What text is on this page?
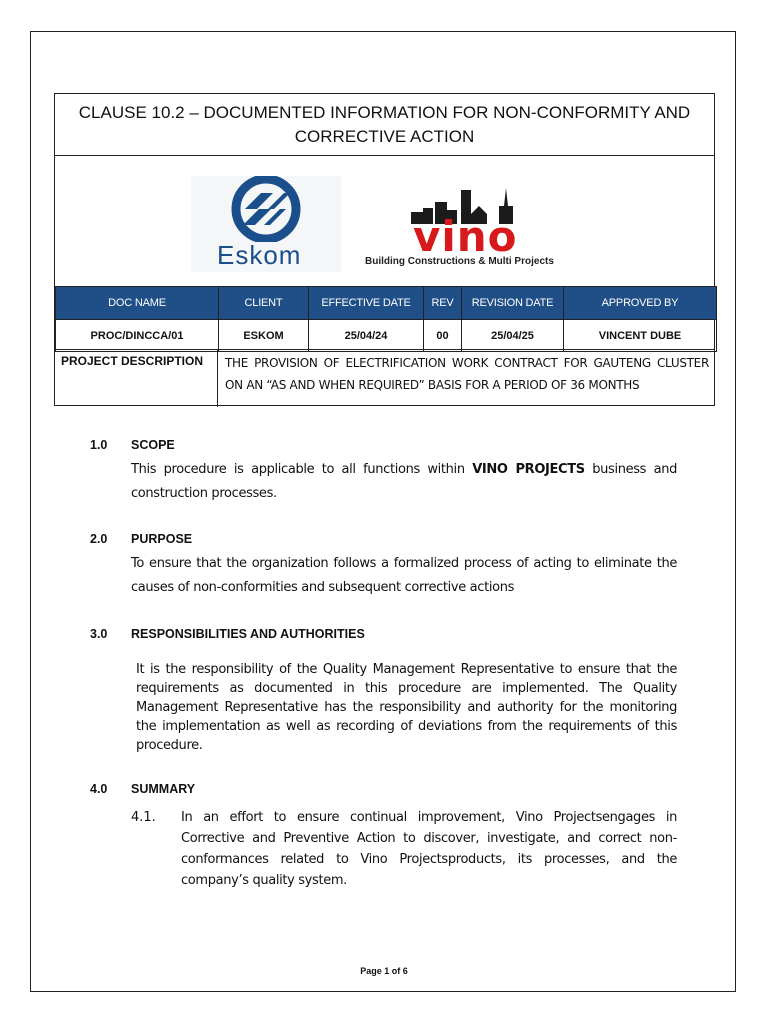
CLAUSE 10.2 – DOCUMENTED INFORMATION FOR NON-CONFORMITY AND CORRECTIVE ACTION
Eskom	vino
Building Constructions & Multi Projects
DOC NAME	CLIENT	EFFECTIVE DATE	REV	REVISION DATE	APPROVED BY
PROC/DINCCA/01	ESKOM	25/04/24	00	25/04/25	VINCENT DUBE
PROJECT DESCRIPTION	THE PROVISION OF ELECTRIFICATION WORK CONTRACT FOR GAUTENG CLUSTER ON AN “AS AND WHEN REQUIRED” BASIS FOR A PERIOD OF 36 MONTHS
1.0 SCOPE
This procedure is applicable to all functions within VINO PROJECTS business and construction processes.
2.0 PURPOSE
To ensure that the organization follows a formalized process of acting to eliminate the causes of non-conformities and subsequent corrective actions
3.0 RESPONSIBILITIES AND AUTHORITIES
It is the responsibility of the Quality Management Representative to ensure that the requirements as documented in this procedure are implemented. The Quality Management Representative has the responsibility and authority for the monitoring the implementation as well as recording of deviations from the requirements of this procedure.
4.0 SUMMARY
4.1. In an effort to ensure continual improvement, Vino Projectsengages in Corrective and Preventive Action to discover, investigate, and correct non-conformances related to Vino Projectsproducts, its processes, and the company’s quality system.
Page 1 of 6
